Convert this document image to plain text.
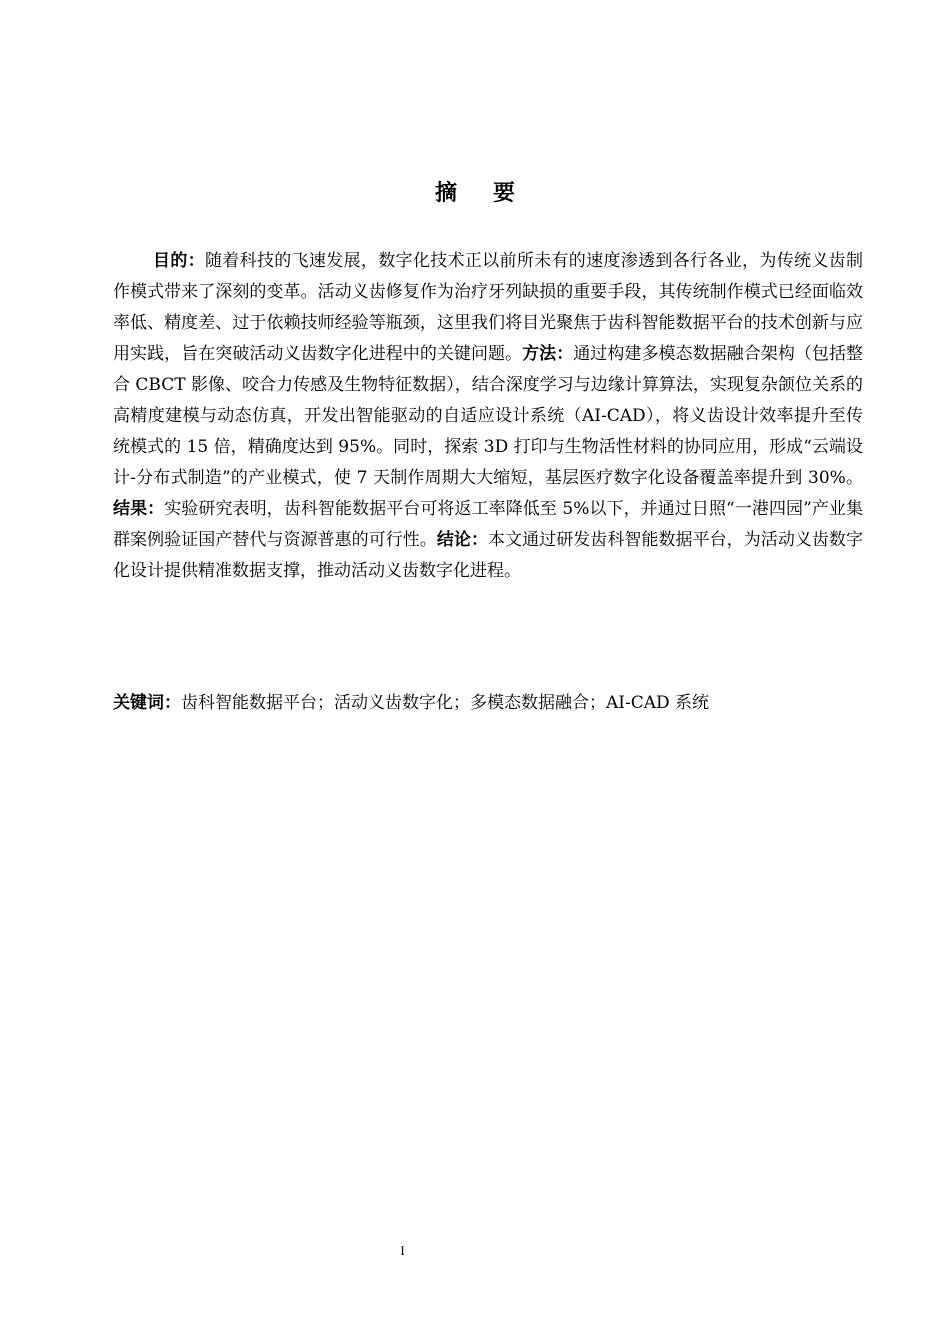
摘要

目的：随着科技的飞速发展，数字化技术正以前所未有的速度渗透到各行各业，为传统义齿制作模式带来了深刻的变革。活动义齿修复作为治疗牙列缺损的重要手段，其传统制作模式已经面临效率低、精度差、过于依赖技师经验等瓶颈，这里我们将目光聚焦于齿科智能数据平台的技术创新与应用实践，旨在突破活动义齿数字化进程中的关键问题。方法：通过构建多模态数据融合架构（包括整合 CBCT 影像、咬合力传感及生物特征数据），结合深度学习与边缘计算算法，实现复杂颌位关系的高精度建模与动态仿真，开发出智能驱动的自适应设计系统（AI-CAD），将义齿设计效率提升至传统模式的 15 倍，精确度达到 95%。同时，探索 3D 打印与生物活性材料的协同应用，形成“云端设计-分布式制造”的产业模式，使 7 天制作周期大大缩短，基层医疗数字化设备覆盖率提升到 30%。结果：实验研究表明，齿科智能数据平台可将返工率降低至 5%以下，并通过日照“一港四园”产业集群案例验证国产替代与资源普惠的可行性。结论：本文通过研发齿科智能数据平台，为活动义齿数字化设计提供精准数据支撑，推动活动义齿数字化进程。

关键词：齿科智能数据平台；活动义齿数字化；多模态数据融合；AI-CAD 系统

I
